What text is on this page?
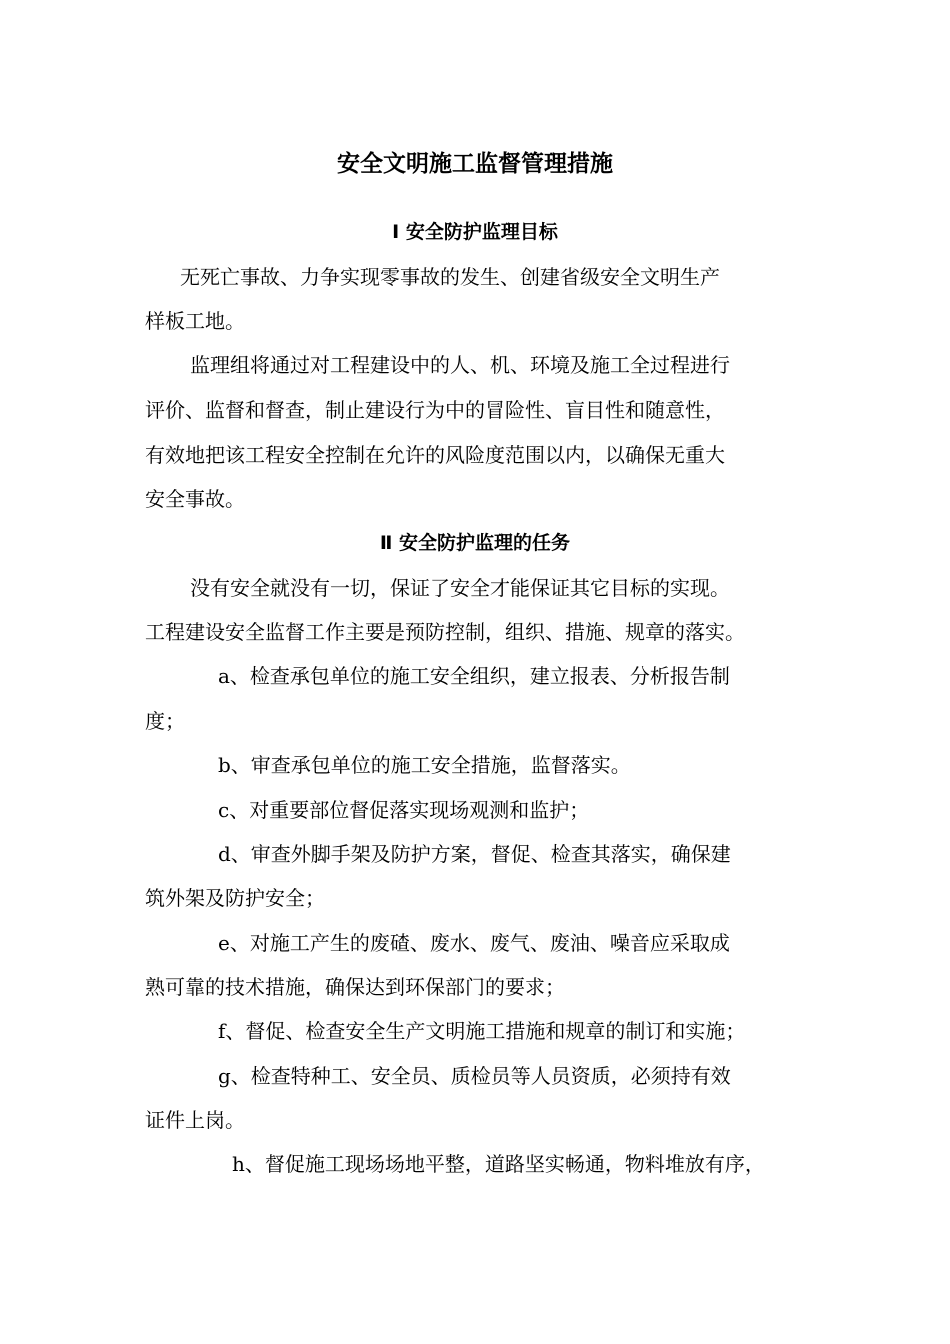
安全文明施工监督管理措施
Ⅰ 安全防护监理目标
无死亡事故、力争实现零事故的发生、创建省级安全文明生产
样板工地。
监理组将通过对工程建设中的人、机、环境及施工全过程进行
评价、监督和督查，制止建设行为中的冒险性、盲目性和随意性，
有效地把该工程安全控制在允许的风险度范围以内，以确保无重大
安全事故。
Ⅱ 安全防护监理的任务
没有安全就没有一切，保证了安全才能保证其它目标的实现。
工程建设安全监督工作主要是预防控制，组织、措施、规章的落实。
a、检查承包单位的施工安全组织，建立报表、分析报告制
度；
b、审查承包单位的施工安全措施，监督落实。
c、对重要部位督促落实现场观测和监护；
d、审查外脚手架及防护方案，督促、检查其落实，确保建
筑外架及防护安全；
e、对施工产生的废碴、废水、废气、废油、噪音应采取成
熟可靠的技术措施，确保达到环保部门的要求；
f、督促、检查安全生产文明施工措施和规章的制订和实施；
g、检查特种工、安全员、质检员等人员资质，必须持有效
证件上岗。
h、督促施工现场场地平整，道路坚实畅通，物料堆放有序，
